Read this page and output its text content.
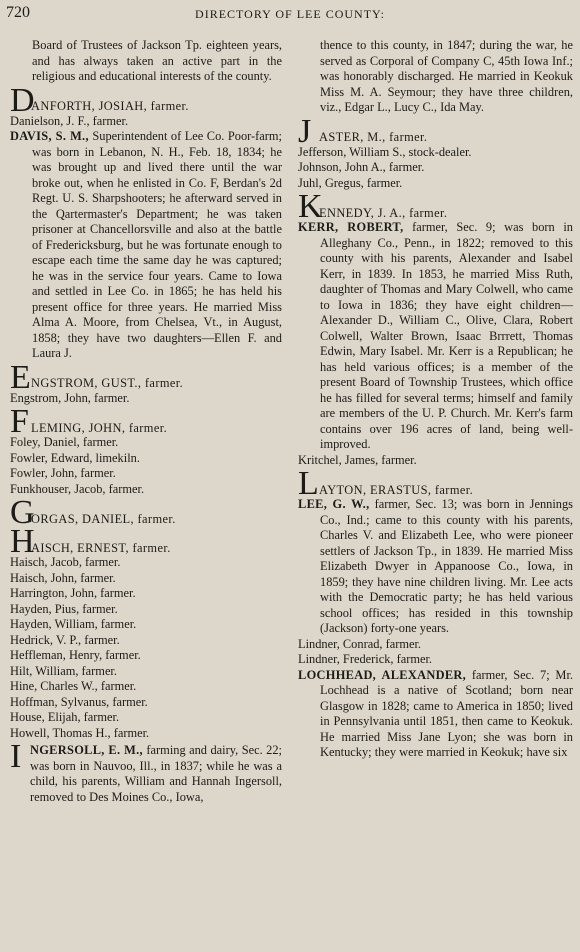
720	DIRECTORY OF LEE COUNTY:
Board of Trustees of Jackson Tp. eighteen years, and has always taken an active part in the religious and educational interests of the county.
D
ANFORTH, JOSIAH, farmer.
Danielson, J. F., farmer.
DAVIS, S. M., Superintendent of Lee Co. Poor-farm; was born in Lebanon, N. H., Feb. 18, 1834; he was brought up and lived there until the war broke out, when he enlisted in Co. F, Berdan's 2d Regt. U. S. Sharpshooters; he afterward served in the Qartermaster's Department; he was taken prisoner at Chancellorsville and also at the battle of Fredericksburg, but he was fortunate enough to escape each time the same day he was captured; he was in the service four years. Came to Iowa and settled in Lee Co. in 1865; he has held his present office for three years. He married Miss Alma A. Moore, from Chelsea, Vt., in August, 1858; they have two daughters—Ellen F. and Laura J.
E NGSTROM, GUST., farmer.
Engstrom, John, farmer.
F LEMING, JOHN, farmer.
Foley, Daniel, farmer.
Fowler, Edward, limekiln.
Fowler, John, farmer.
Funkhouser, Jacob, farmer.
G
ORGAS, DANIEL, farmer.
H
AISCH, ERNEST, farmer.
Haisch, Jacob, farmer.
Haisch, John, farmer.
Harrington, John, farmer.
Hayden, Pius, farmer.
Hayden, William, farmer.
Hedrick, V. P., farmer.
Heffleman, Henry, farmer.
Hilt, William, farmer.
Hine, Charles W., farmer.
Hoffman, Sylvanus, farmer.
House, Elijah, farmer.
Howell, Thomas H., farmer.
I NGERSOLL, E. M., farming and dairy, Sec. 22; was born in Nauvoo, Ill., in 1837; while he was a child, his parents, William and Hannah Ingersoll, removed to Des Moines Co., Iowa,
thence to this county, in 1847; during the war, he served as Corporal of Company C, 45th Iowa Inf.; was honorably discharged. He married in Keokuk Miss M. A. Seymour; they have three children, viz., Edgar L., Lucy C., Ida May.
J ASTER, M., farmer.
Jefferson, William S., stock-dealer.
Johnson, John A., farmer.
Juhl, Gregus, farmer.
K
ENNEDY, J. A., farmer.
KERR, ROBERT, farmer, Sec. 9; was born in Alleghany Co., Penn., in 1822; removed to this county with his parents, Alexander and Isabel Kerr, in 1839. In 1853, he married Miss Ruth, daughter of Thomas and Mary Colwell, who came to Iowa in 1836; they have eight children—Alexander D., William C., Olive, Clara, Robert Colwell, Walter Brown, Isaac Brrrett, Thomas Edwin, Mary Isabel. Mr. Kerr is a Republican; he has held various offices; is a member of the present Board of Township Trustees, which office he has filled for several terms; himself and family are members of the U. P. Church. Mr. Kerr's farm contains over 196 acres of land, being well-improved.
Kritchel, James, farmer.
L AYTON, ERASTUS, farmer.
LEE, G. W., farmer, Sec. 13; was born in Jennings Co., Ind.; came to this county with his parents, Charles V. and Elizabeth Lee, who were pioneer settlers of Jackson Tp., in 1839. He married Miss Elizabeth Dwyer in Appanoose Co., Iowa, in 1859; they have nine children living. Mr. Lee acts with the Democratic party; he has held various school offices; has resided in this township (Jackson) forty-one years.
Lindner, Conrad, farmer.
Lindner, Frederick, farmer.
LOCHHEAD, ALEXANDER, farmer, Sec. 7; Mr. Lochhead is a native of Scotland; born near Glasgow in 1828; came to America in 1850; lived in Pennsylvania until 1851, then came to Keokuk. He married Miss Jane Lyon; she was born in Kentucky; they were married in Keokuk; have six
